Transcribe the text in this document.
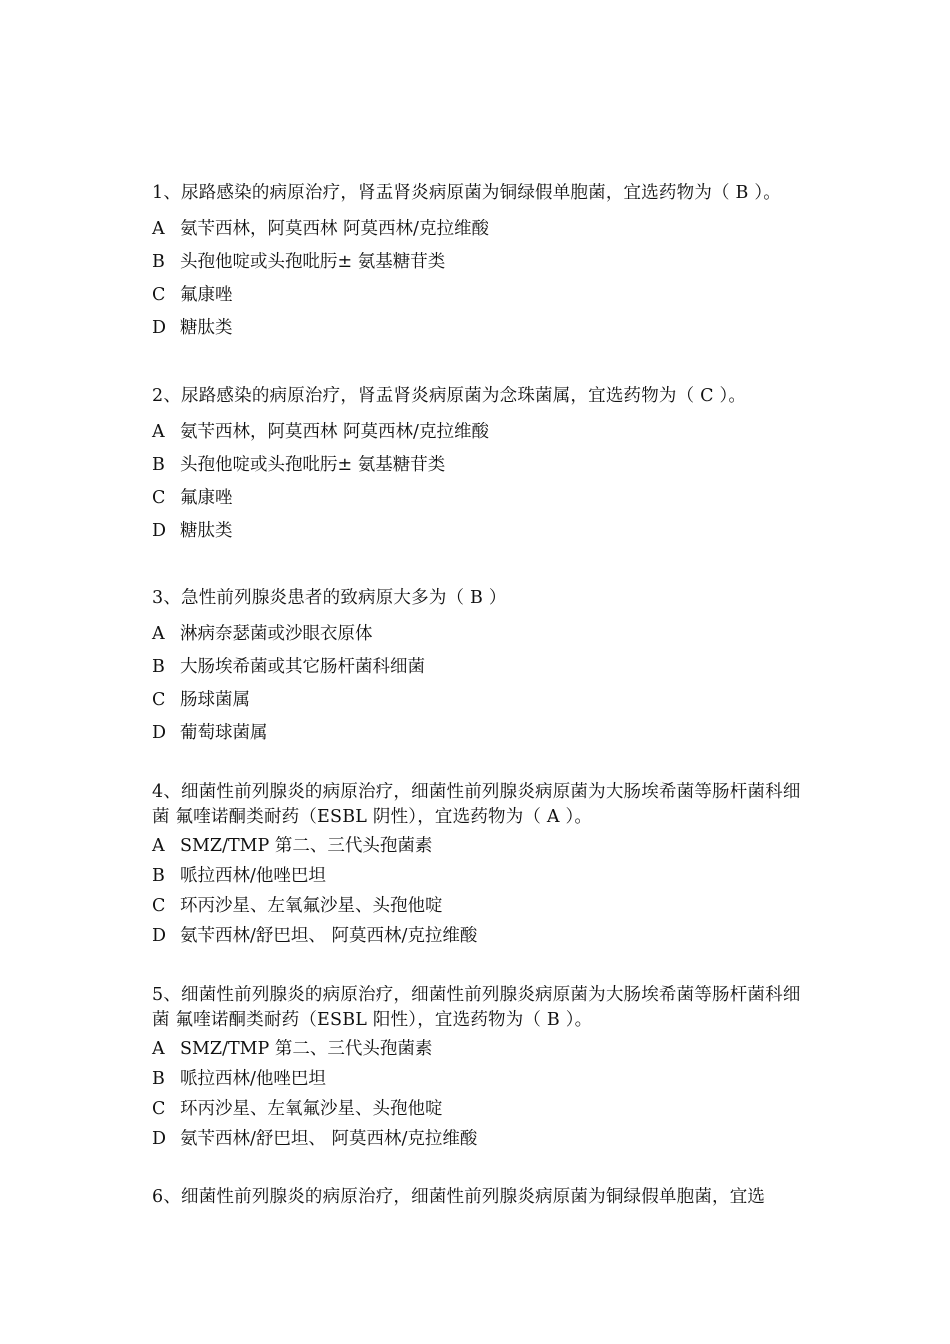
1、尿路感染的病原治疗，肾盂肾炎病原菌为铜绿假单胞菌，宜选药物为（ B ）。

A 氨苄西林，阿莫西林 阿莫西林/克拉维酸

B 头孢他啶或头孢吡肟± 氨基糖苷类

C 氟康唑

D 糖肽类

2、尿路感染的病原治疗，肾盂肾炎病原菌为念珠菌属，宜选药物为（ C ）。

A 氨苄西林，阿莫西林 阿莫西林/克拉维酸

B 头孢他啶或头孢吡肟± 氨基糖苷类

C 氟康唑

D 糖肽类

3、急性前列腺炎患者的致病原大多为（ B ）

A 淋病奈瑟菌或沙眼衣原体

B 大肠埃希菌或其它肠杆菌科细菌

C 肠球菌属

D 葡萄球菌属

4、细菌性前列腺炎的病原治疗，细菌性前列腺炎病原菌为大肠埃希菌等肠杆菌科细菌 氟喹诺酮类耐药（ESBL 阴性），宜选药物为（ A ）。

A SMZ/TMP 第二、三代头孢菌素

B 哌拉西林/他唑巴坦

C 环丙沙星、左氧氟沙星、头孢他啶

D 氨苄西林/舒巴坦、 阿莫西林/克拉维酸

5、细菌性前列腺炎的病原治疗，细菌性前列腺炎病原菌为大肠埃希菌等肠杆菌科细菌 氟喹诺酮类耐药（ESBL 阳性），宜选药物为（ B ）。

A SMZ/TMP 第二、三代头孢菌素

B 哌拉西林/他唑巴坦

C 环丙沙星、左氧氟沙星、头孢他啶

D 氨苄西林/舒巴坦、 阿莫西林/克拉维酸

6、细菌性前列腺炎的病原治疗，细菌性前列腺炎病原菌为铜绿假单胞菌，宜选
